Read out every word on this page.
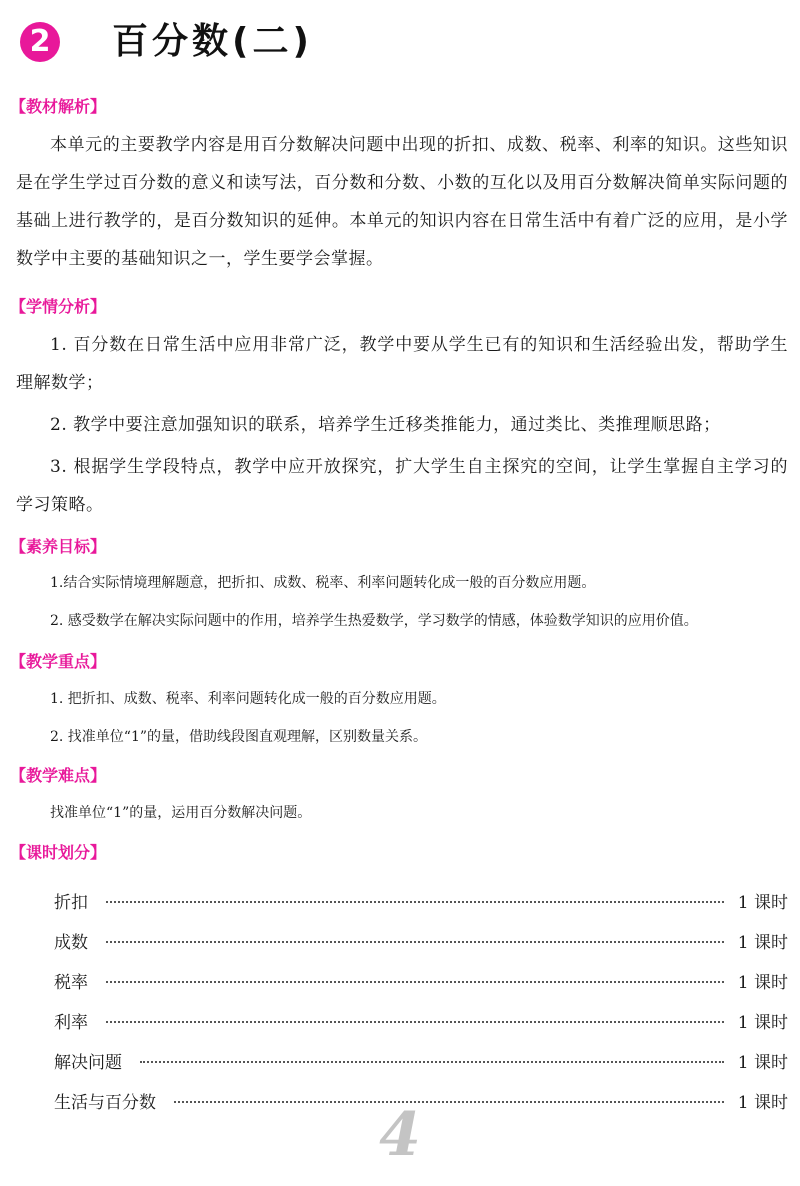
2 百分数(二)
【教材解析】

本单元的主要教学内容是用百分数解决问题中出现的折扣、成数、税率、利率的知识。这些知识是在学生学过百分数的意义和读写法，百分数和分数、小数的互化以及用百分数解决简单实际问题的基础上进行教学的，是百分数知识的延伸。本单元的知识内容在日常生活中有着广泛的应用，是小学数学中主要的基础知识之一，学生要学会掌握。

【学情分析】

1. 百分数在日常生活中应用非常广泛，教学中要从学生已有的知识和生活经验出发，帮助学生理解数学；

2. 教学中要注意加强知识的联系，培养学生迁移类推能力，通过类比、类推理顺思路；

3. 根据学生学段特点，教学中应开放探究，扩大学生自主探究的空间，让学生掌握自主学习的学习策略。

【素养目标】

1.结合实际情境理解题意，把折扣、成数、税率、利率问题转化成一般的百分数应用题。

2. 感受数学在解决实际问题中的作用，培养学生热爱数学，学习数学的情感，体验数学知识的应用价值。

【教学重点】

1. 把折扣、成数、税率、利率问题转化成一般的百分数应用题。

2. 找准单位“1”的量，借助线段图直观理解，区别数量关系。

【教学难点】

找准单位“1”的量，运用百分数解决问题。

【课时划分】
折扣	1 课时
成数	1 课时
税率	1 课时
利率	1 课时
解决问题	1 课时
生活与百分数	1 课时
4
